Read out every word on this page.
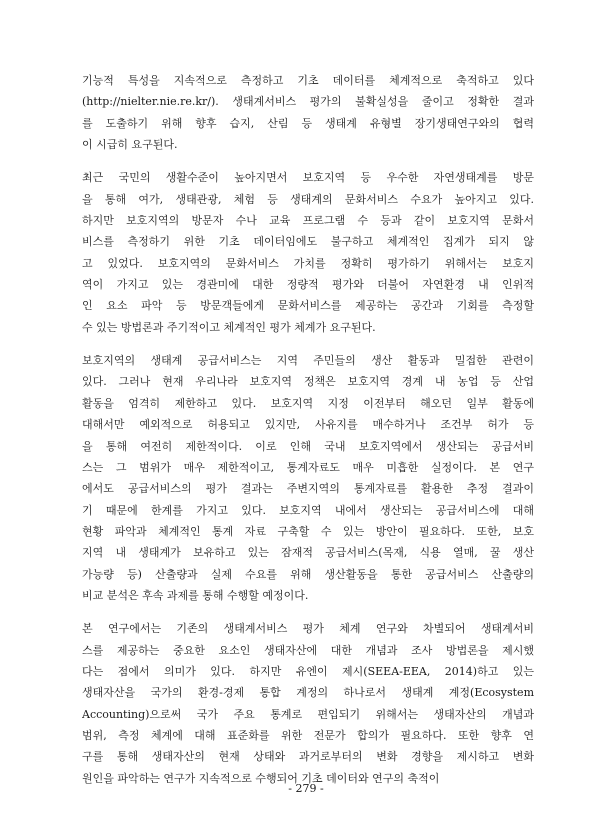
기능적 특성을 지속적으로 측정하고 기초 데이터를 체계적으로 축적하고 있다
(http://nielter.nie.re.kr/). 생태계서비스 평가의 불확실성을 줄이고 정확한 결과
를 도출하기 위해 향후 습지, 산림 등 생태계 유형별 장기생태연구와의 협력
이 시급히 요구된다.
최근 국민의 생활수준이 높아지면서 보호지역 등 우수한 자연생태계를 방문
을 통해 여가, 생태관광, 체험 등 생태계의 문화서비스 수요가 높아지고 있다.
하지만 보호지역의 방문자 수나 교육 프로그램 수 등과 같이 보호지역 문화서
비스를 측정하기 위한 기초 데이터임에도 불구하고 체계적인 집계가 되지 않
고 있었다. 보호지역의 문화서비스 가치를 정확히 평가하기 위해서는 보호지
역이 가지고 있는 경관미에 대한 정량적 평가와 더불어 자연환경 내 인위적
인 요소 파악 등 방문객들에게 문화서비스를 제공하는 공간과 기회를 측정할
수 있는 방법론과 주기적이고 체계적인 평가 체계가 요구된다.
보호지역의 생태계 공급서비스는 지역 주민들의 생산 활동과 밀접한 관련이
있다. 그러나 현재 우리나라 보호지역 정책은 보호지역 경계 내 농업 등 산업
활동을 엄격히 제한하고 있다. 보호지역 지정 이전부터 해오던 일부 활동에
대해서만 예외적으로 허용되고 있지만, 사유지를 매수하거나 조건부 허가 등
을 통해 여전히 제한적이다. 이로 인해 국내 보호지역에서 생산되는 공급서비
스는 그 범위가 매우 제한적이고, 통계자료도 매우 미흡한 실정이다. 본 연구
에서도 공급서비스의 평가 결과는 주변지역의 통계자료를 활용한 추정 결과이
기 때문에 한계를 가지고 있다. 보호지역 내에서 생산되는 공급서비스에 대해
현황 파악과 체계적인 통계 자료 구축할 수 있는 방안이 필요하다. 또한, 보호
지역 내 생태계가 보유하고 있는 잠재적 공급서비스(목재, 식용 열매, 꿀 생산
가능량 등) 산출량과 실제 수요를 위해 생산활동을 통한 공급서비스 산출량의
비교 분석은 후속 과제를 통해 수행할 예정이다.
본 연구에서는 기존의 생태계서비스 평가 체계 연구와 차별되어 생태계서비
스를 제공하는 중요한 요소인 생태자산에 대한 개념과 조사 방법론을 제시했
다는 점에서 의미가 있다. 하지만 유엔이 제시(SEEA-EEA, 2014)하고 있는
생태자산을 국가의 환경-경제 통합 계정의 하나로서 생태계 계정(Ecosystem
Accounting)으로써 국가 주요 통계로 편입되기 위해서는 생태자산의 개념과
범위, 측정 체계에 대해 표준화를 위한 전문가 합의가 필요하다. 또한 향후 연
구를 통해 생태자산의 현재 상태와 과거로부터의 변화 경향을 제시하고 변화
원인을 파악하는 연구가 지속적으로 수행되어 기초 데이터와 연구의 축적이
- 279 -
